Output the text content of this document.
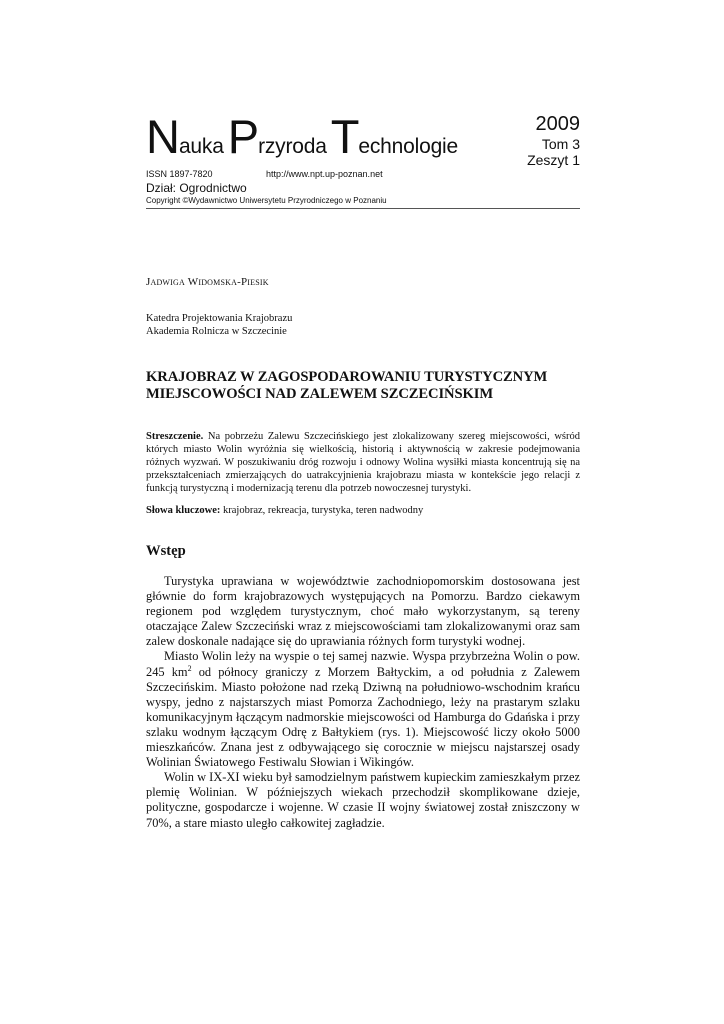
NaukaPrzyrodaTechnologie
2009
Tom 3
Zeszyt 1
ISSN 1897-7820	http://www.npt.up-poznan.net
Dział: Ogrodnictwo
Copyright ©Wydawnictwo Uniwersytetu Przyrodniczego w Poznaniu
Jadwiga Widomska-Piesik
Katedra Projektowania Krajobrazu
Akademia Rolnicza w Szczecinie
KRAJOBRAZ W ZAGOSPODAROWANIU TURYSTYCZNYM
MIEJSCOWOŚCI NAD ZALEWEM SZCZECIŃSKIM
Streszczenie. Na pobrzeżu Zalewu Szczecińskiego jest zlokalizowany szereg miejscowości, wśród których miasto Wolin wyróżnia się wielkością, historią i aktywnością w zakresie podejmowania różnych wyzwań. W poszukiwaniu dróg rozwoju i odnowy Wolina wysiłki miasta koncentrują się na przekształceniach zmierzających do uatrakcyjnienia krajobrazu miasta w kontekście jego relacji z funkcją turystyczną i modernizacją terenu dla potrzeb nowoczesnej turystyki.
Słowa kluczowe: krajobraz, rekreacja, turystyka, teren nadwodny
Wstęp

Turystyka uprawiana w województwie zachodniopomorskim dostosowana jest głównie do form krajobrazowych występujących na Pomorzu. Bardzo ciekawym regionem pod względem turystycznym, choć mało wykorzystanym, są tereny otaczające Zalew Szczeciński wraz z miejscowościami tam zlokalizowanymi oraz sam zalew doskonale nadające się do uprawiania różnych form turystyki wodnej.

Miasto Wolin leży na wyspie o tej samej nazwie. Wyspa przybrzeżna Wolin o pow. 245 $km^2$ od północy graniczy z Morzem Bałtyckim, a od południa z Zalewem Szczecińskim. Miasto położone nad rzeką Dziwną na południowo-wschodnim krańcu wyspy, jedno z najstarszych miast Pomorza Zachodniego, leży na prastarym szlaku komunikacyjnym łączącym nadmorskie miejscowości od Hamburga do Gdańska i przy szlaku wodnym łączącym Odrę z Bałtykiem (rys. 1). Miejscowość liczy około 5000 mieszkańców. Znana jest z odbywającego się corocznie w miejscu najstarszej osady Wolinian Światowego Festiwalu Słowian i Wikingów.

Wolin w IX-XI wieku był samodzielnym państwem kupieckim zamieszkałym przez plemię Wolinian. W późniejszych wiekach przechodził skomplikowane dzieje, polityczne, gospodarcze i wojenne. W czasie II wojny światowej został zniszczony w 70%, a stare miasto uległo całkowitej zagładzie.
